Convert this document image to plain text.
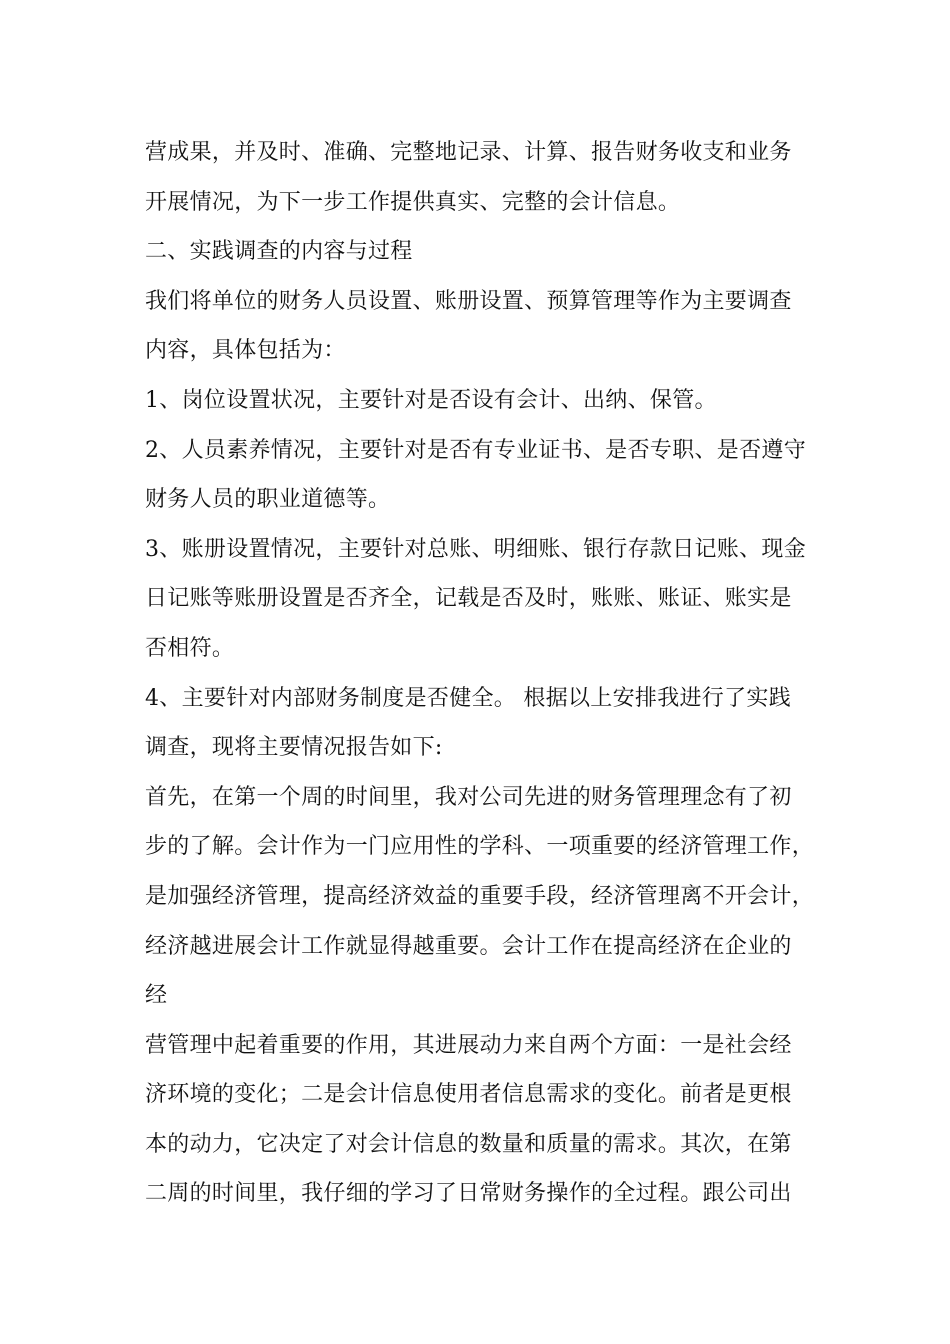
营成果，并及时、准确、完整地记录、计算、报告财务收支和业务
开展情况，为下一步工作提供真实、完整的会计信息。
二、实践调查的内容与过程
我们将单位的财务人员设置、账册设置、预算管理等作为主要调查
内容，具体包括为：
1、岗位设置状况，主要针对是否设有会计、出纳、保管。
2、人员素养情况，主要针对是否有专业证书、是否专职、是否遵守
财务人员的职业道德等。
3、账册设置情况，主要针对总账、明细账、银行存款日记账、现金
日记账等账册设置是否齐全，记载是否及时，账账、账证、账实是
否相符。
4、主要针对内部财务制度是否健全。 根据以上安排我进行了实践
调查，现将主要情况报告如下:
首先，在第一个周的时间里，我对公司先进的财务管理理念有了初
步的了解。会计作为一门应用性的学科、一项重要的经济管理工作，
是加强经济管理，提高经济效益的重要手段，经济管理离不开会计，
经济越进展会计工作就显得越重要。会计工作在提高经济在企业的
经
营管理中起着重要的作用，其进展动力来自两个方面：一是社会经
济环境的变化；二是会计信息使用者信息需求的变化。前者是更根
本的动力，它决定了对会计信息的数量和质量的需求。其次，在第
二周的时间里，我仔细的学习了日常财务操作的全过程。跟公司出
